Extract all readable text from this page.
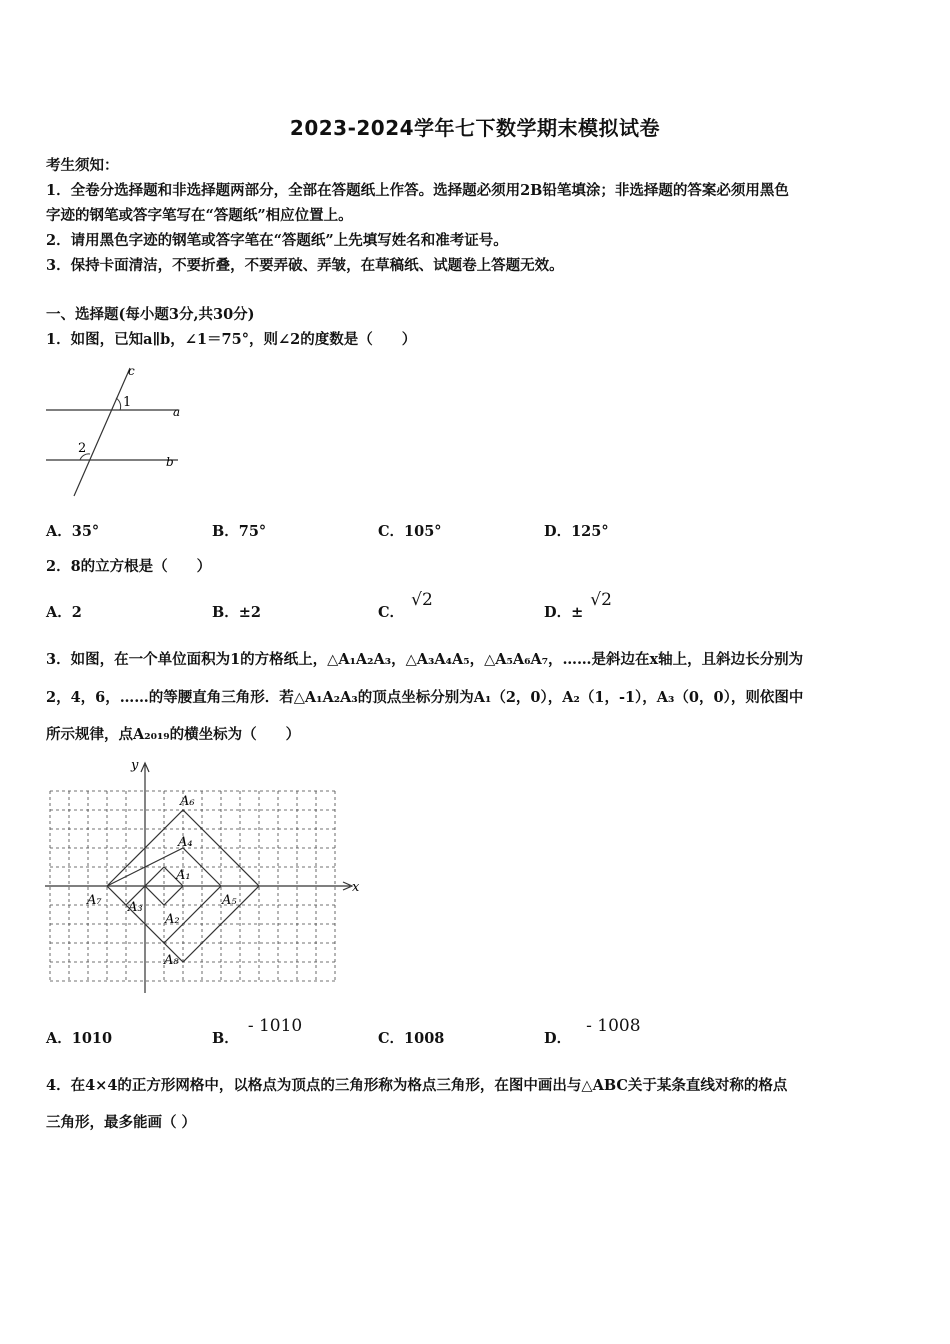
2023-2024学年七下数学期末模拟试卷
考生须知：
1．全卷分选择题和非选择题两部分，全部在答题纸上作答。选择题必须用2B铅笔填涂；非选择题的答案必须用黑色
字迹的钢笔或答字笔写在“答题纸”相应位置上。
2．请用黑色字迹的钢笔或答字笔在“答题纸”上先填写姓名和准考证号。
3．保持卡面清洁，不要折叠，不要弄破、弄皱，在草稿纸、试题卷上答题无效。
一、选择题(每小题3分,共30分)
1．如图，已知a∥b，∠1＝75°，则∠2的度数是（　　）
c
a
b
1
2
A．35°	B．75°	C．105°	D．125°
2．8的立方根是（　　）
A．2	B．±2	C． √2
D．± √2
3．如图，在一个单位面积为1的方格纸上，△A₁A₂A₃，△A₃A₄A₅，△A₅A₆A₇，……是斜边在x轴上，且斜边长分别为
2，4，6，……的等腰直角三角形．若△A₁A₂A₃的顶点坐标分别为A₁（2，0），A₂（1，-1），A₃（0，0），则依图中
所示规律，点A₂₀₁₉的横坐标为（　　）
y
x
A₁
A₂
A₃
A₄
A₅
A₆
A₇
A₈
A．1010	B． - 1010
C．1008	D． - 1008
4．在4×4的正方形网格中，以格点为顶点的三角形称为格点三角形，在图中画出与△ABC关于某条直线对称的格点
三角形，最多能画（ ）
